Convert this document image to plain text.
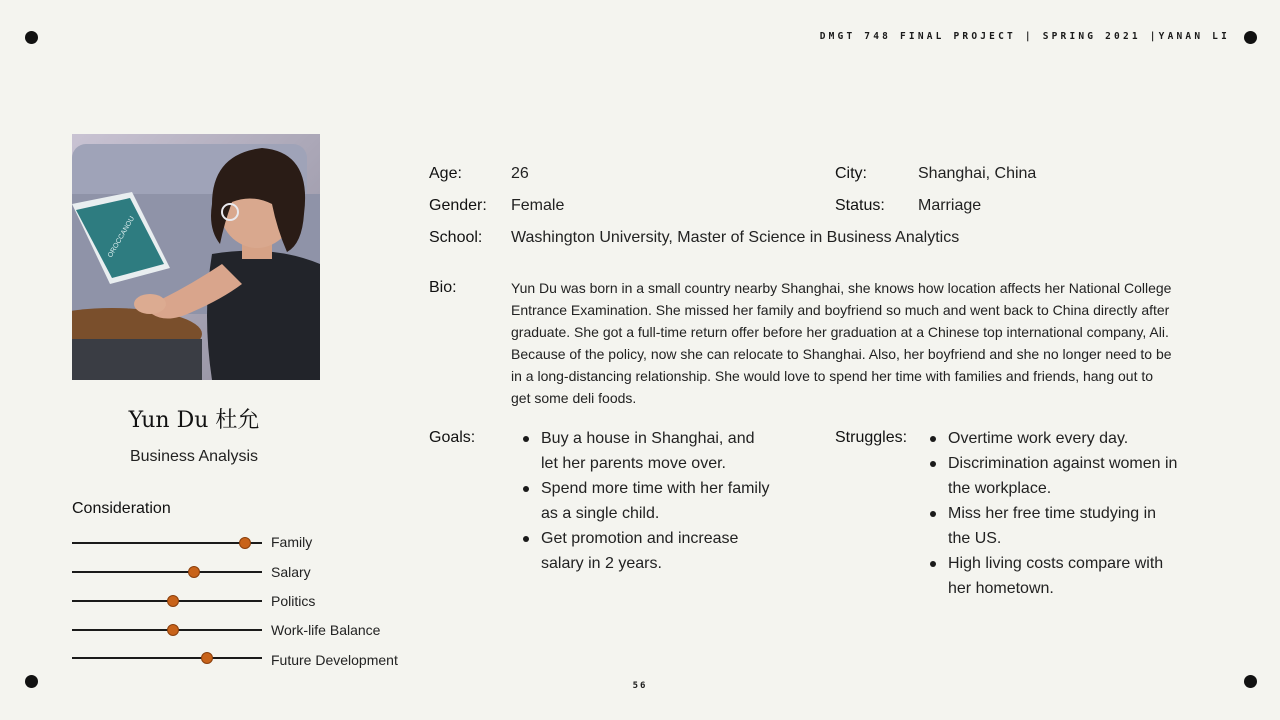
DMGT 748 FINAL PROJECT | SPRING 2021 |YANAN LI
OROCCANOU
Yun Du 杜允
Business Analysis
Consideration
Family
Salary
Politics
Work-life Balance
Future Development
Age:	26
Gender: Female
School: Washington University, Master of Science in Business Analytics
City:	Shanghai, China
Status: Marriage
Bio:	Yun Du was born in a small country nearby Shanghai, she knows how location affects her National College Entrance Examination. She missed her family and boyfriend so much and went back to China directly after graduate. She got a full-time return offer before her graduation at a Chinese top international company, Ali. Because of the policy, now she can relocate to Shanghai. Also, her boyfriend and she no longer need to be in a long-distancing relationship. She would love to spend her time with families and friends, hang out to get some deli foods.

Goals:	Buy a house in Shanghai, and let her parents move over.
Spend more time with her family as a single child.
Get promotion and increase salary in 2 years.
Struggles:	Overtime work every day.
Discrimination against women in the workplace.
Miss her free time studying in the US.
High living costs compare with her hometown.
56
